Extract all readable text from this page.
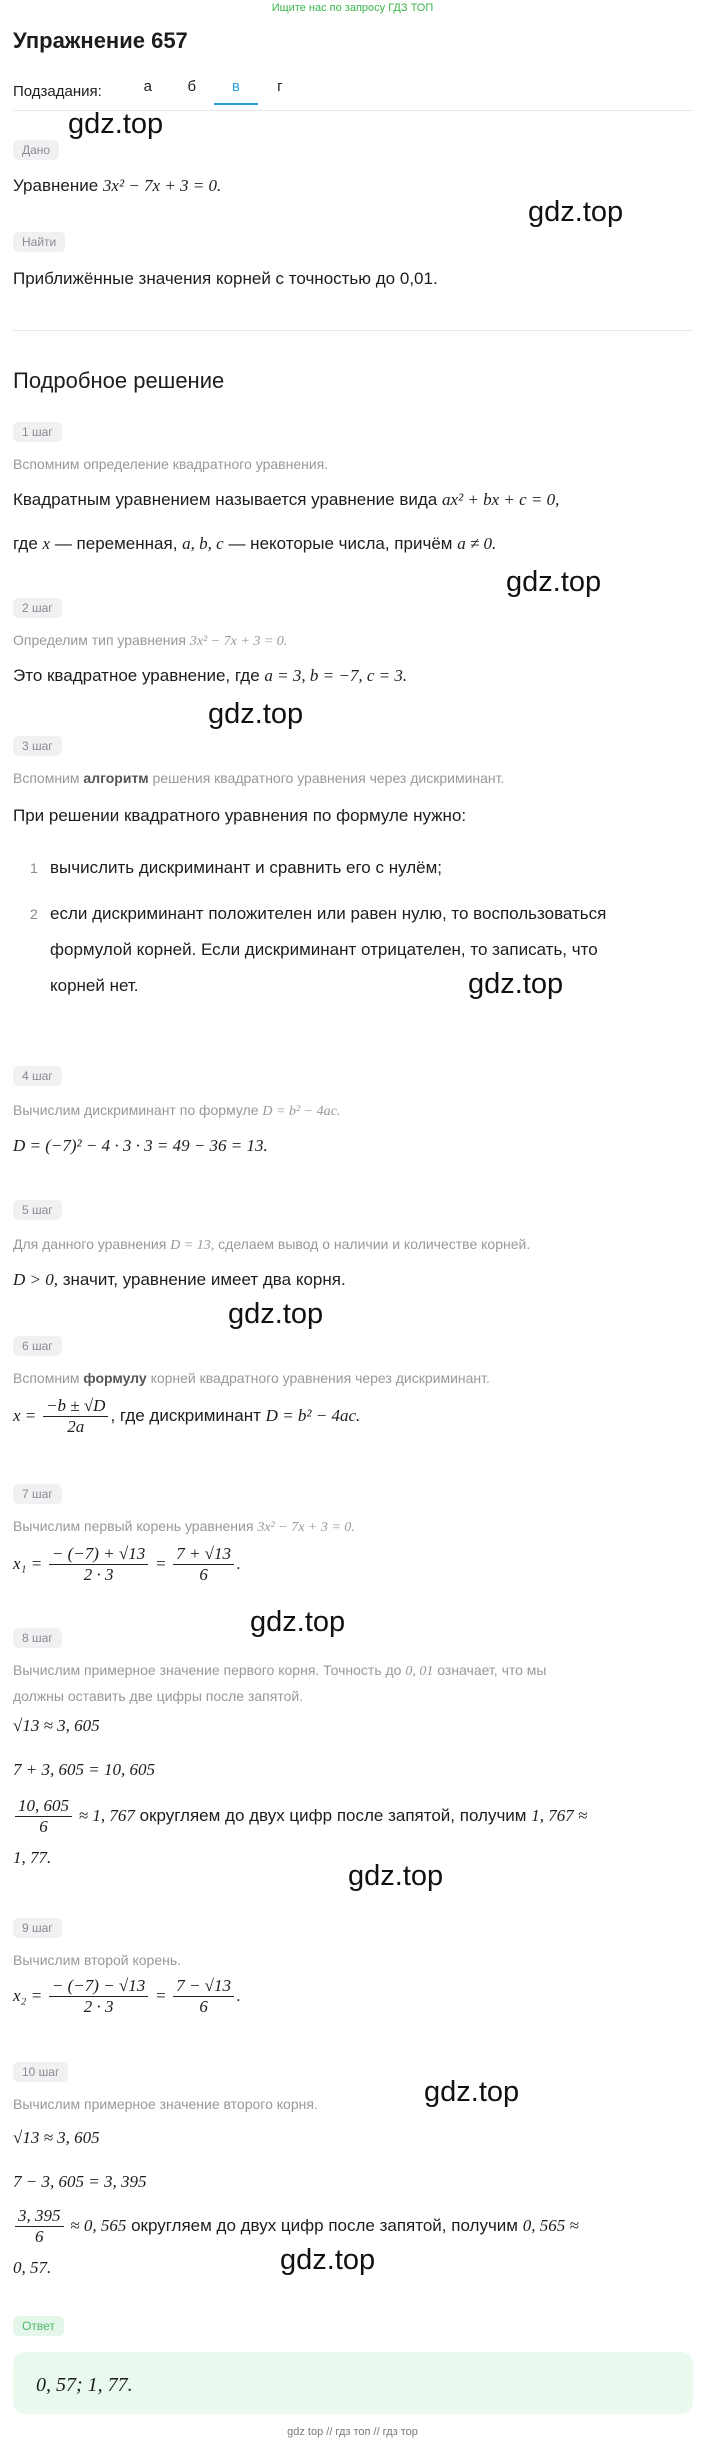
Ищите нас по запросу ГДЗ ТОП
Упражнение 657
Подзадания:	а	б	в	г
Дано
Уравнение 3x² − 7x + 3 = 0.
Найти
Приближённые значения корней с точностью до 0,01.
Подробное решение
1 шаг
Вспомним определение квадратного уравнения.
Квадратным уравнением называется уравнение вида ax² + bx + c = 0,
где x — переменная, a, b, c — некоторые числа, причём a ≠ 0.
2 шаг
Определим тип уравнения 3x² − 7x + 3 = 0.
Это квадратное уравнение, где a = 3, b = −7, c = 3.
3 шаг
Вспомним алгоритм решения квадратного уравнения через дискриминант.
При решении квадратного уравнения по формуле нужно:
1 вычислить дискриминант и сравнить его с нулём;
2 если дискриминант положителен или равен нулю, то воспользоваться
формулой корней. Если дискриминант отрицателен, то записать, что
корней нет.
4 шаг
Вычислим дискриминант по формуле D = b² − 4ac.
D = (−7)² − 4 · 3 · 3 = 49 − 36 = 13.
5 шаг
Для данного уравнения D = 13, сделаем вывод о наличии и количестве корней.
D > 0, значит, уравнение имеет два корня.
6 шаг
Вспомним формулу корней квадратного уравнения через дискриминант.
$x = \frac{-b \pm √D}{2a}$ , где дискриминант D = b² − 4ac.
7 шаг
Вычислим первый корень уравнения 3x² − 7x + 3 = 0.
$x_1 = \frac{- (-7) + √13}{2 \cdot 3} = \frac{7 + √13}{6}$ .
8 шаг
Вычислим примерное значение первого корня. Точность до 0, 01 означает, что мы
должны оставить две цифры после запятой.
√13 ≈ 3, 605
7 + 3, 605 = 10, 605
$\frac{10, 605}{6} \approx 1$, 767 округляем до двух цифр после запятой, получим 1, 767 ≈
1, 77.
9 шаг
Вычислим второй корень.
$x_2 = \frac{- (-7) - √13}{2 \cdot 3} = \frac{7 - √13}{6}$ .
10 шаг
Вычислим примерное значение второго корня.
√13 ≈ 3, 605
7 − 3, 605 = 3, 395
$\frac{3, 395}{6} \approx 0$, 565 округляем до двух цифр после запятой, получим 0, 565 ≈
0, 57.
Ответ
0, 57; 1, 77.
gdz.top
gdz.top
gdz.top
gdz.top
gdz.top
gdz.top
gdz.top
gdz.top
gdz.top
gdz.top
gdz top // гдз топ // гдз тор
